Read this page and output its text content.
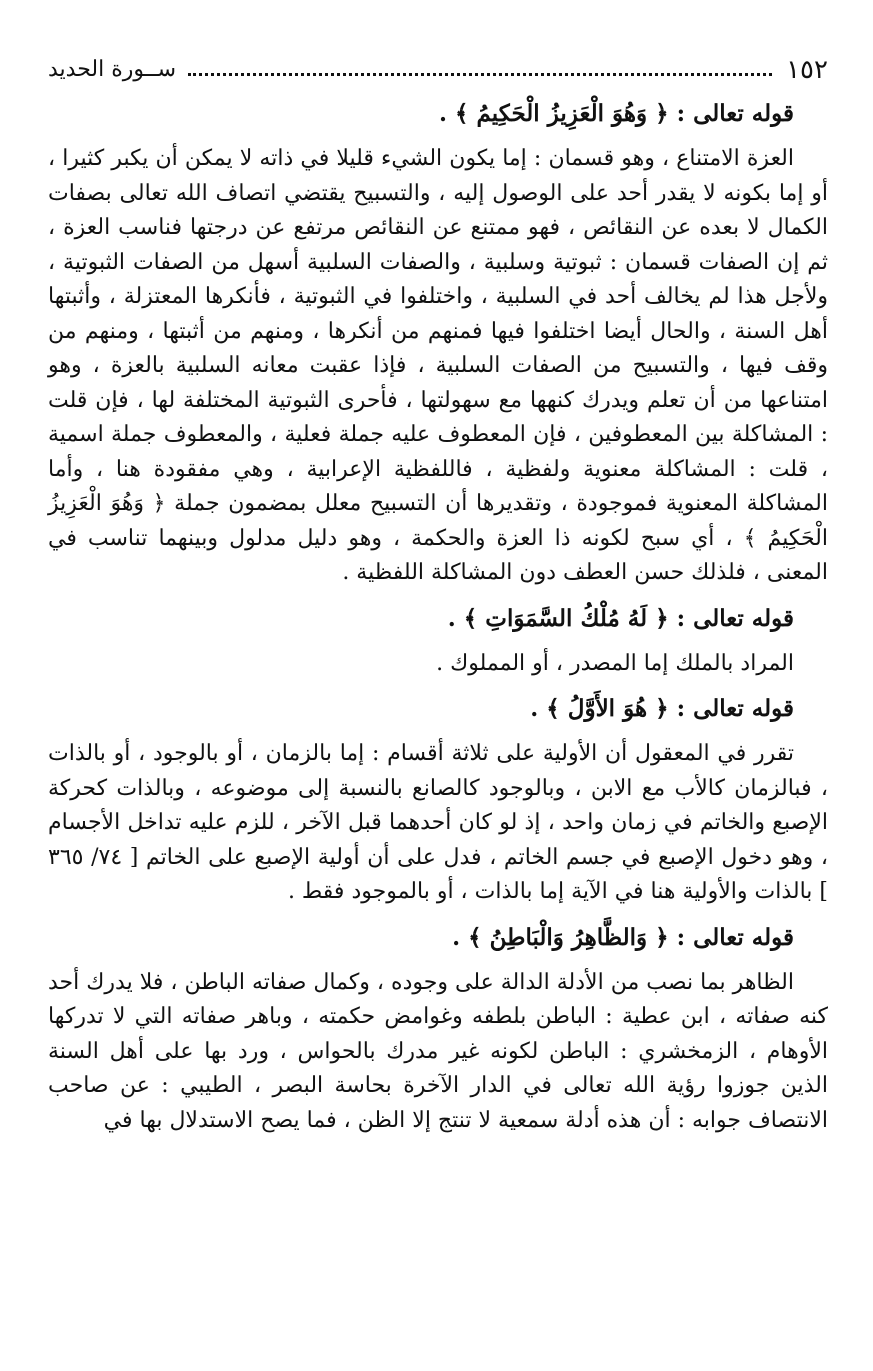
١٥٢
ســورة الحديد
قوله تعالى : ﴿ وَهُوَ الْعَزِيزُ الْحَكِيمُ ﴾ .
العزة الامتناع ، وهو قسمان : إما يكون الشيء قليلا في ذاته لا يمكن أن يكبر كثيرا ، أو إما بكونه لا يقدر أحد على الوصول إليه ، والتسبيح يقتضي اتصاف الله تعالى بصفات الكمال لا بعده عن النقائص ، فهو ممتنع عن النقائص مرتفع عن درجتها فناسب العزة ، ثم إن الصفات قسمان : ثبوتية وسلبية ، والصفات السلبية أسهل من الصفات الثبوتية ، ولأجل هذا لم يخالف أحد في السلبية ، واختلفوا في الثبوتية ، فأنكرها المعتزلة ، وأثبتها أهل السنة ، والحال أيضا اختلفوا فيها فمنهم من أنكرها ، ومنهم من أثبتها ، ومنهم من وقف فيها ، والتسبيح من الصفات السلبية ، فإذا عقبت معانه السلبية بالعزة ، وهو امتناعها من أن تعلم ويدرك كنهها مع سهولتها ، فأحرى الثبوتية المختلفة لها ، فإن قلت : المشاكلة بين المعطوفين ، فإن المعطوف عليه جملة فعلية ، والمعطوف جملة اسمية ، قلت : المشاكلة معنوية ولفظية ، فاللفظية الإعرابية ، وهي مفقودة هنا ، وأما المشاكلة المعنوية فموجودة ، وتقديرها أن التسبيح معلل بمضمون جملة ﴿ وَهُوَ الْعَزِيزُ الْحَكِيمُ ﴾ ، أي سبح لكونه ذا العزة والحكمة ، وهو دليل مدلول وبينهما تناسب في المعنى ، فلذلك حسن العطف دون المشاكلة اللفظية .
قوله تعالى : ﴿ لَهُ مُلْكُ السَّمَوَاتِ ﴾ .
المراد بالملك إما المصدر ، أو المملوك .
قوله تعالى : ﴿ هُوَ الأَوَّلُ ﴾ .
تقرر في المعقول أن الأولية على ثلاثة أقسام : إما بالزمان ، أو بالوجود ، أو بالذات ، فبالزمان كالأب مع الابن ، وبالوجود كالصانع بالنسبة إلى موضوعه ، وبالذات كحركة الإصبع والخاتم في زمان واحد ، إذ لو كان أحدهما قبل الآخر ، للزم عليه تداخل الأجسام ، وهو دخول الإصبع في جسم الخاتم ، فدل على أن أولية الإصبع على الخاتم [ ٧٤/ ٣٦٥ ] بالذات والأولية هنا في الآية إما بالذات ، أو بالموجود فقط .
قوله تعالى : ﴿ وَالظَّاهِرُ وَالْبَاطِنُ ﴾ .
الظاهر بما نصب من الأدلة الدالة على وجوده ، وكمال صفاته الباطن ، فلا يدرك أحد كنه صفاته ، ابن عطية : الباطن بلطفه وغوامض حكمته ، وباهر صفاته التي لا تدركها الأوهام ، الزمخشري : الباطن لكونه غير مدرك بالحواس ، ورد بها على أهل السنة الذين جوزوا رؤية الله تعالى في الدار الآخرة بحاسة البصر ، الطيبي : عن صاحب الانتصاف جوابه : أن هذه أدلة سمعية لا تنتج إلا الظن ، فما يصح الاستدلال بها في
